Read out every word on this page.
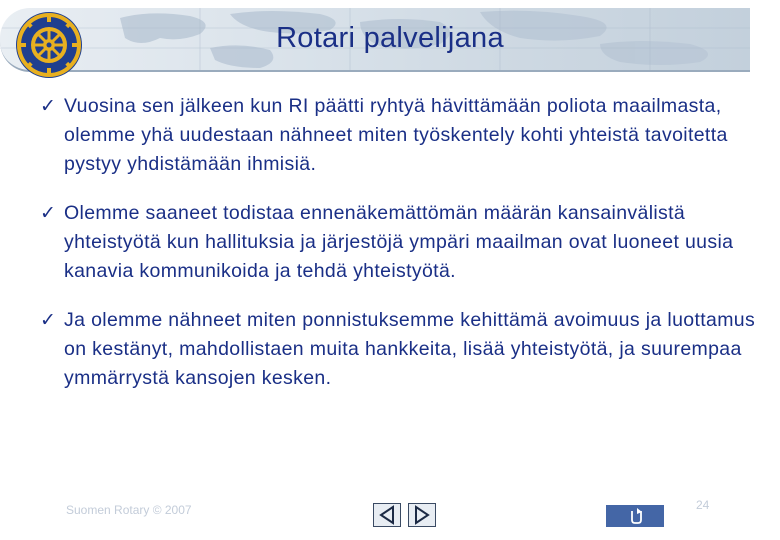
Rotari palvelijana
✓ Vuosina sen jälkeen kun RI päätti ryhtyä hävittämään poliota maailmasta, olemme yhä uudestaan nähneet miten työskentely kohti yhteistä tavoitetta pystyy yhdistämään ihmisiä.
✓ Olemme saaneet todistaa ennenäkemättömän määrän kansainvälistä yhteistyötä kun hallituksia ja järjestöjä ympäri maailman ovat luoneet uusia kanavia kommunikoida ja tehdä yhteistyötä.
✓ Ja olemme nähneet miten ponnistuksemme kehittämä avoimuus ja luottamus on kestänyt, mahdollistaen muita hankkeita, lisää yhteistyötä, ja suurempaa ymmärrystä kansojen kesken.
Suomen Rotary © 2007	24
